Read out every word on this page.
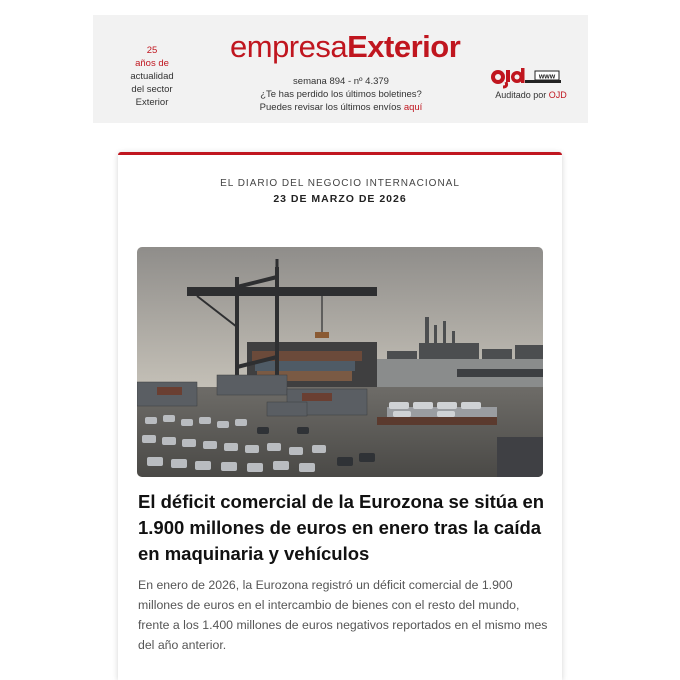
25
años de
actualidad
del sector
Exterior
empresaExterior
semana 894 - nº 4.379
¿Te has perdido los últimos boletines?
Puedes revisar los últimos envíos aquí
www
Auditado por OJD
EL DIARIO DEL NEGOCIO INTERNACIONAL
23 DE MARZO DE 2026
El déficit comercial de la Eurozona se sitúa en 1.900 millones de euros en enero tras la caída en maquinaria y vehículos
En enero de 2026, la Eurozona registró un déficit comercial de 1.900 millones de euros en el intercambio de bienes con el resto del mundo, frente a los 1.400 millones de euros negativos reportados en el mismo mes del año anterior.
